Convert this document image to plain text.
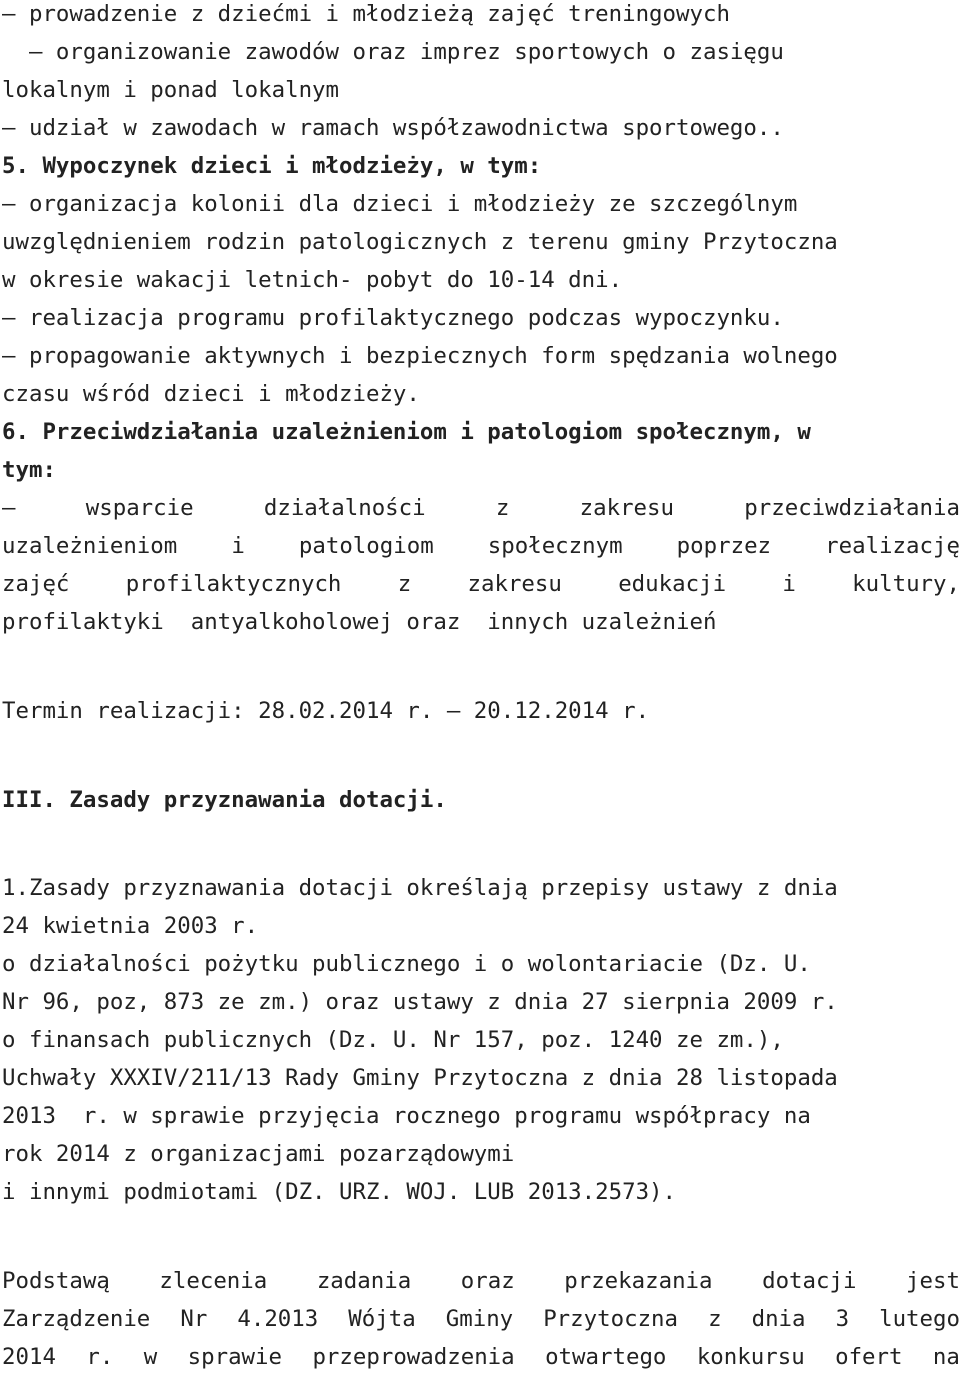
– prowadzenie z dziećmi i młodzieżą zajęć treningowych
– organizowanie zawodów oraz imprez sportowych o zasięgu
lokalnym i ponad lokalnym
– udział w zawodach w ramach współzawodnictwa sportowego..
5. Wypoczynek dzieci i młodzieży, w tym:
– organizacja kolonii dla dzieci i młodzieży ze szczególnym
uwzględnieniem rodzin patologicznych z terenu gminy Przytoczna
w okresie wakacji letnich- pobyt do 10-14 dni.
– realizacja programu profilaktycznego podczas wypoczynku.
– propagowanie aktywnych i bezpiecznych form spędzania wolnego
czasu wśród dzieci i młodzieży.
6. Przeciwdziałania uzależnieniom i patologiom społecznym, w
tym:
–	wsparcie	działalności	z	zakresu	przeciwdziałania
uzależnieniom i patologiom społecznym poprzez realizację
zajęć	profilaktycznych	z	zakresu	edukacji	i	kultury,
profilaktyki  antyalkoholowej oraz  innych uzależnień
Termin realizacji: 28.02.2014 r. – 20.12.2014 r.
III. Zasady przyznawania dotacji.
1.Zasady przyznawania dotacji określają przepisy ustawy z dnia
24 kwietnia 2003 r.
o działalności pożytku publicznego i o wolontariacie (Dz. U.
Nr 96, poz, 873 ze zm.) oraz ustawy z dnia 27 sierpnia 2009 r.
o finansach publicznych (Dz. U. Nr 157, poz. 1240 ze zm.),
Uchwały XXXIV/211/13 Rady Gminy Przytoczna z dnia 28 listopada
2013  r. w sprawie przyjęcia rocznego programu współpracy na
rok 2014 z organizacjami pozarządowymi
i innymi podmiotami (DZ. URZ. WOJ. LUB 2013.2573).
Podstawą zlecenia zadania oraz przekazania dotacji jest
Zarządzenie Nr 4.2013 Wójta Gminy Przytoczna z dnia 3 lutego
2014 r. w sprawie przeprowadzenia otwartego konkursu ofert na
